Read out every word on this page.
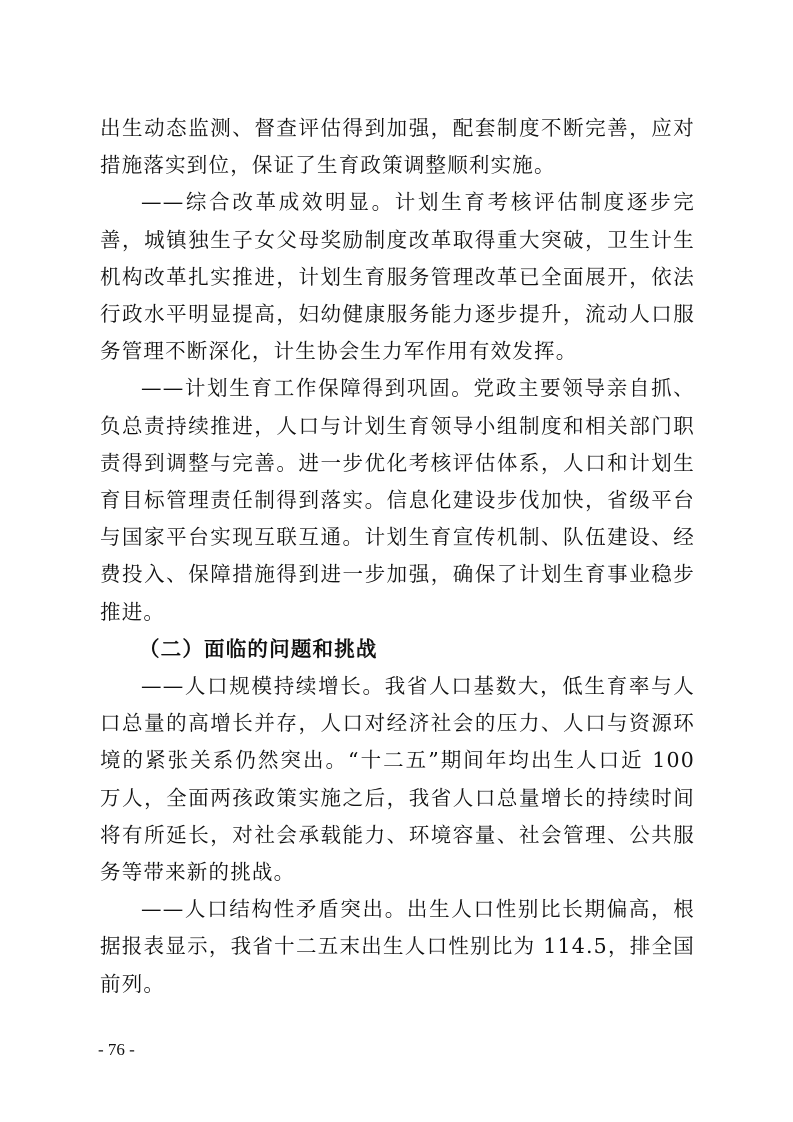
出生动态监测、督查评估得到加强，配套制度不断完善，应对措施落实到位，保证了生育政策调整顺利实施。

——综合改革成效明显。计划生育考核评估制度逐步完善，城镇独生子女父母奖励制度改革取得重大突破，卫生计生机构改革扎实推进，计划生育服务管理改革已全面展开，依法行政水平明显提高，妇幼健康服务能力逐步提升，流动人口服务管理不断深化，计生协会生力军作用有效发挥。

——计划生育工作保障得到巩固。党政主要领导亲自抓、负总责持续推进，人口与计划生育领导小组制度和相关部门职责得到调整与完善。进一步优化考核评估体系，人口和计划生育目标管理责任制得到落实。信息化建设步伐加快，省级平台与国家平台实现互联互通。计划生育宣传机制、队伍建设、经费投入、保障措施得到进一步加强，确保了计划生育事业稳步推进。

（二）面临的问题和挑战

——人口规模持续增长。我省人口基数大，低生育率与人口总量的高增长并存，人口对经济社会的压力、人口与资源环境的紧张关系仍然突出。“十二五”期间年均出生人口近 100 万人，全面两孩政策实施之后，我省人口总量增长的持续时间将有所延长，对社会承载能力、环境容量、社会管理、公共服务等带来新的挑战。

——人口结构性矛盾突出。出生人口性别比长期偏高，根据报表显示，我省十二五末出生人口性别比为 114.5，排全国前列。

- 76 -
